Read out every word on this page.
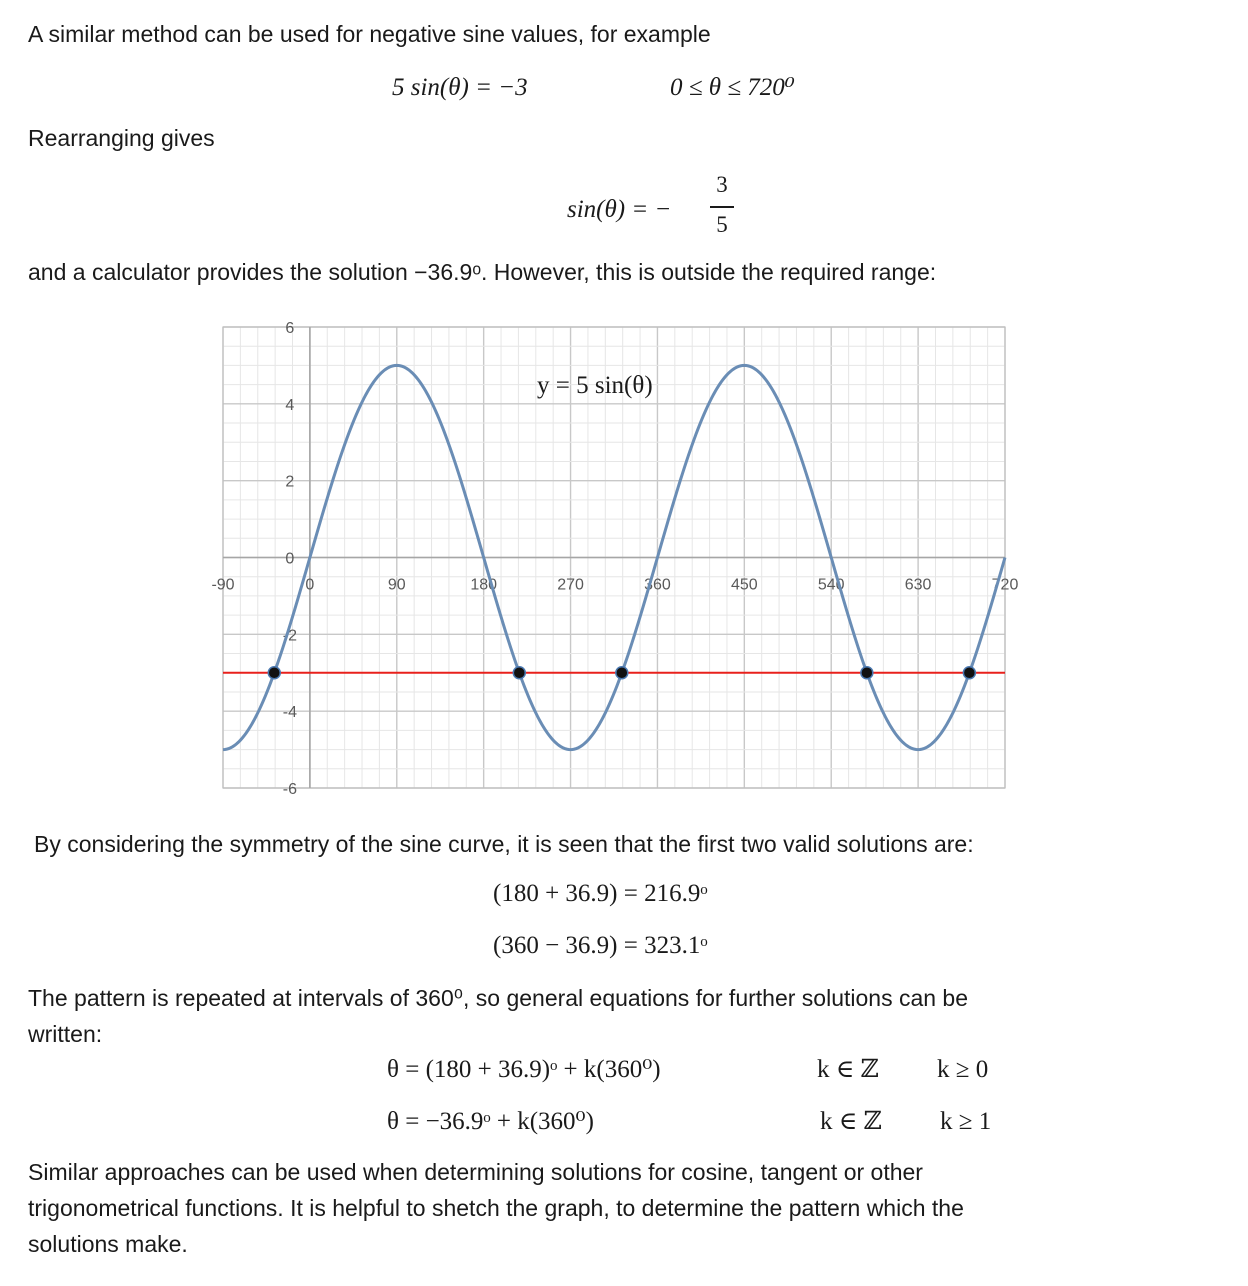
A similar method can be used for negative sine values, for example
5 sin(θ) = −3	0 ≤ θ ≤ 720⁰
Rearranging gives
sin(θ) = −
3
5
and a calculator provides the solution −36.9ᵒ. However, this is outside the required range:
-90	0	90	180	270	360	450	540	630	720
6
4
2
0
-2
-4
-6
y = 5 sin(θ)
By considering the symmetry of the sine curve, it is seen that the first two valid solutions are:
(180 + 36.9) = 216.9ᵒ
(360 − 36.9) = 323.1ᵒ
The pattern is repeated at intervals of 360⁰, so general equations for further solutions can be
written:
θ = (180 + 36.9)ᵒ + k(360⁰)	k ∈ ℤ k ≥ 0
θ = −36.9ᵒ + k(360⁰)	k ∈ ℤ k ≥ 1
Similar approaches can be used when determining solutions for cosine, tangent or other
trigonometrical functions. It is helpful to shetch the graph, to determine the pattern which the
solutions make.
